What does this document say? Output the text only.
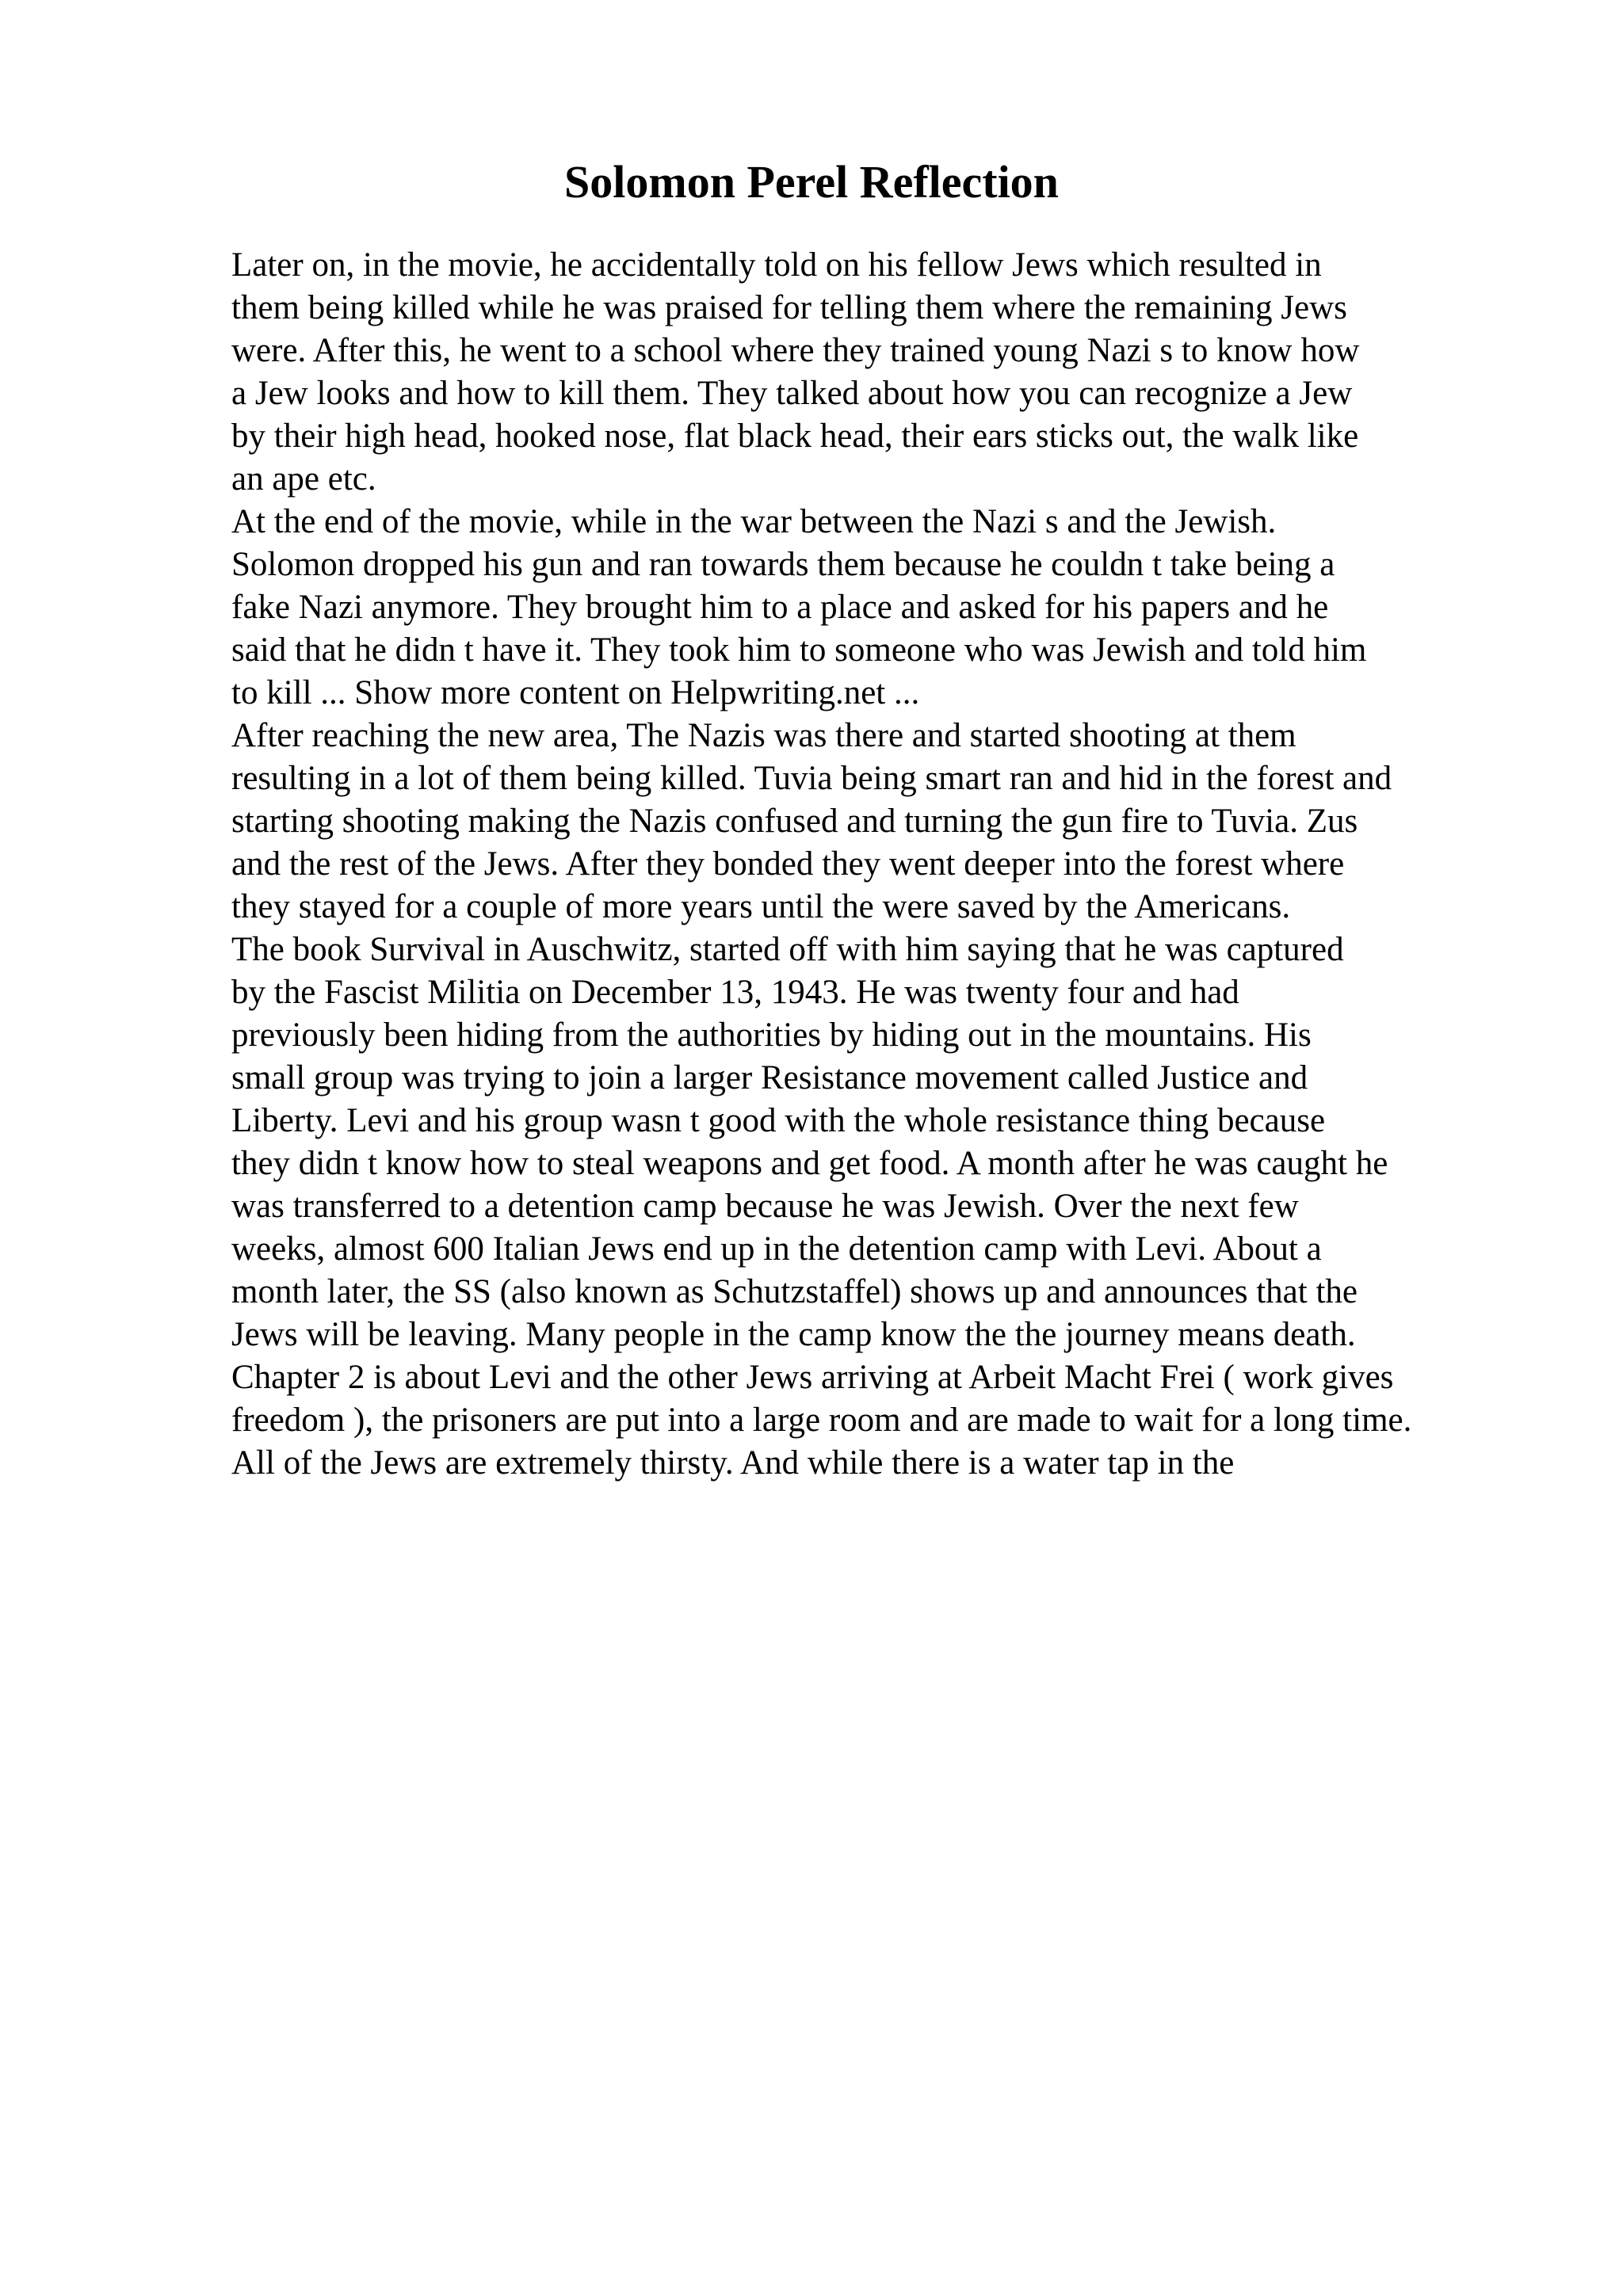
Solomon Perel Reflection
Later on, in the movie, he accidentally told on his fellow Jews which resulted in
them being killed while he was praised for telling them where the remaining Jews
were. After this, he went to a school where they trained young Nazi s to know how
a Jew looks and how to kill them. They talked about how you can recognize a Jew
by their high head, hooked nose, flat black head, their ears sticks out, the walk like
an ape etc.
At the end of the movie, while in the war between the Nazi s and the Jewish.
Solomon dropped his gun and ran towards them because he couldn t take being a
fake Nazi anymore. They brought him to a place and asked for his papers and he
said that he didn t have it. They took him to someone who was Jewish and told him
to kill ... Show more content on Helpwriting.net ...
After reaching the new area, The Nazis was there and started shooting at them
resulting in a lot of them being killed. Tuvia being smart ran and hid in the forest and
starting shooting making the Nazis confused and turning the gun fire to Tuvia. Zus
and the rest of the Jews. After they bonded they went deeper into the forest where
they stayed for a couple of more years until the were saved by the Americans.
The book Survival in Auschwitz, started off with him saying that he was captured
by the Fascist Militia on December 13, 1943. He was twenty four and had
previously been hiding from the authorities by hiding out in the mountains. His
small group was trying to join a larger Resistance movement called Justice and
Liberty. Levi and his group wasn t good with the whole resistance thing because
they didn t know how to steal weapons and get food. A month after he was caught he
was transferred to a detention camp because he was Jewish. Over the next few
weeks, almost 600 Italian Jews end up in the detention camp with Levi. About a
month later, the SS (also known as Schutzstaffel) shows up and announces that the
Jews will be leaving. Many people in the camp know the the journey means death.
Chapter 2 is about Levi and the other Jews arriving at Arbeit Macht Frei ( work gives
freedom ), the prisoners are put into a large room and are made to wait for a long time.
All of the Jews are extremely thirsty. And while there is a water tap in the
